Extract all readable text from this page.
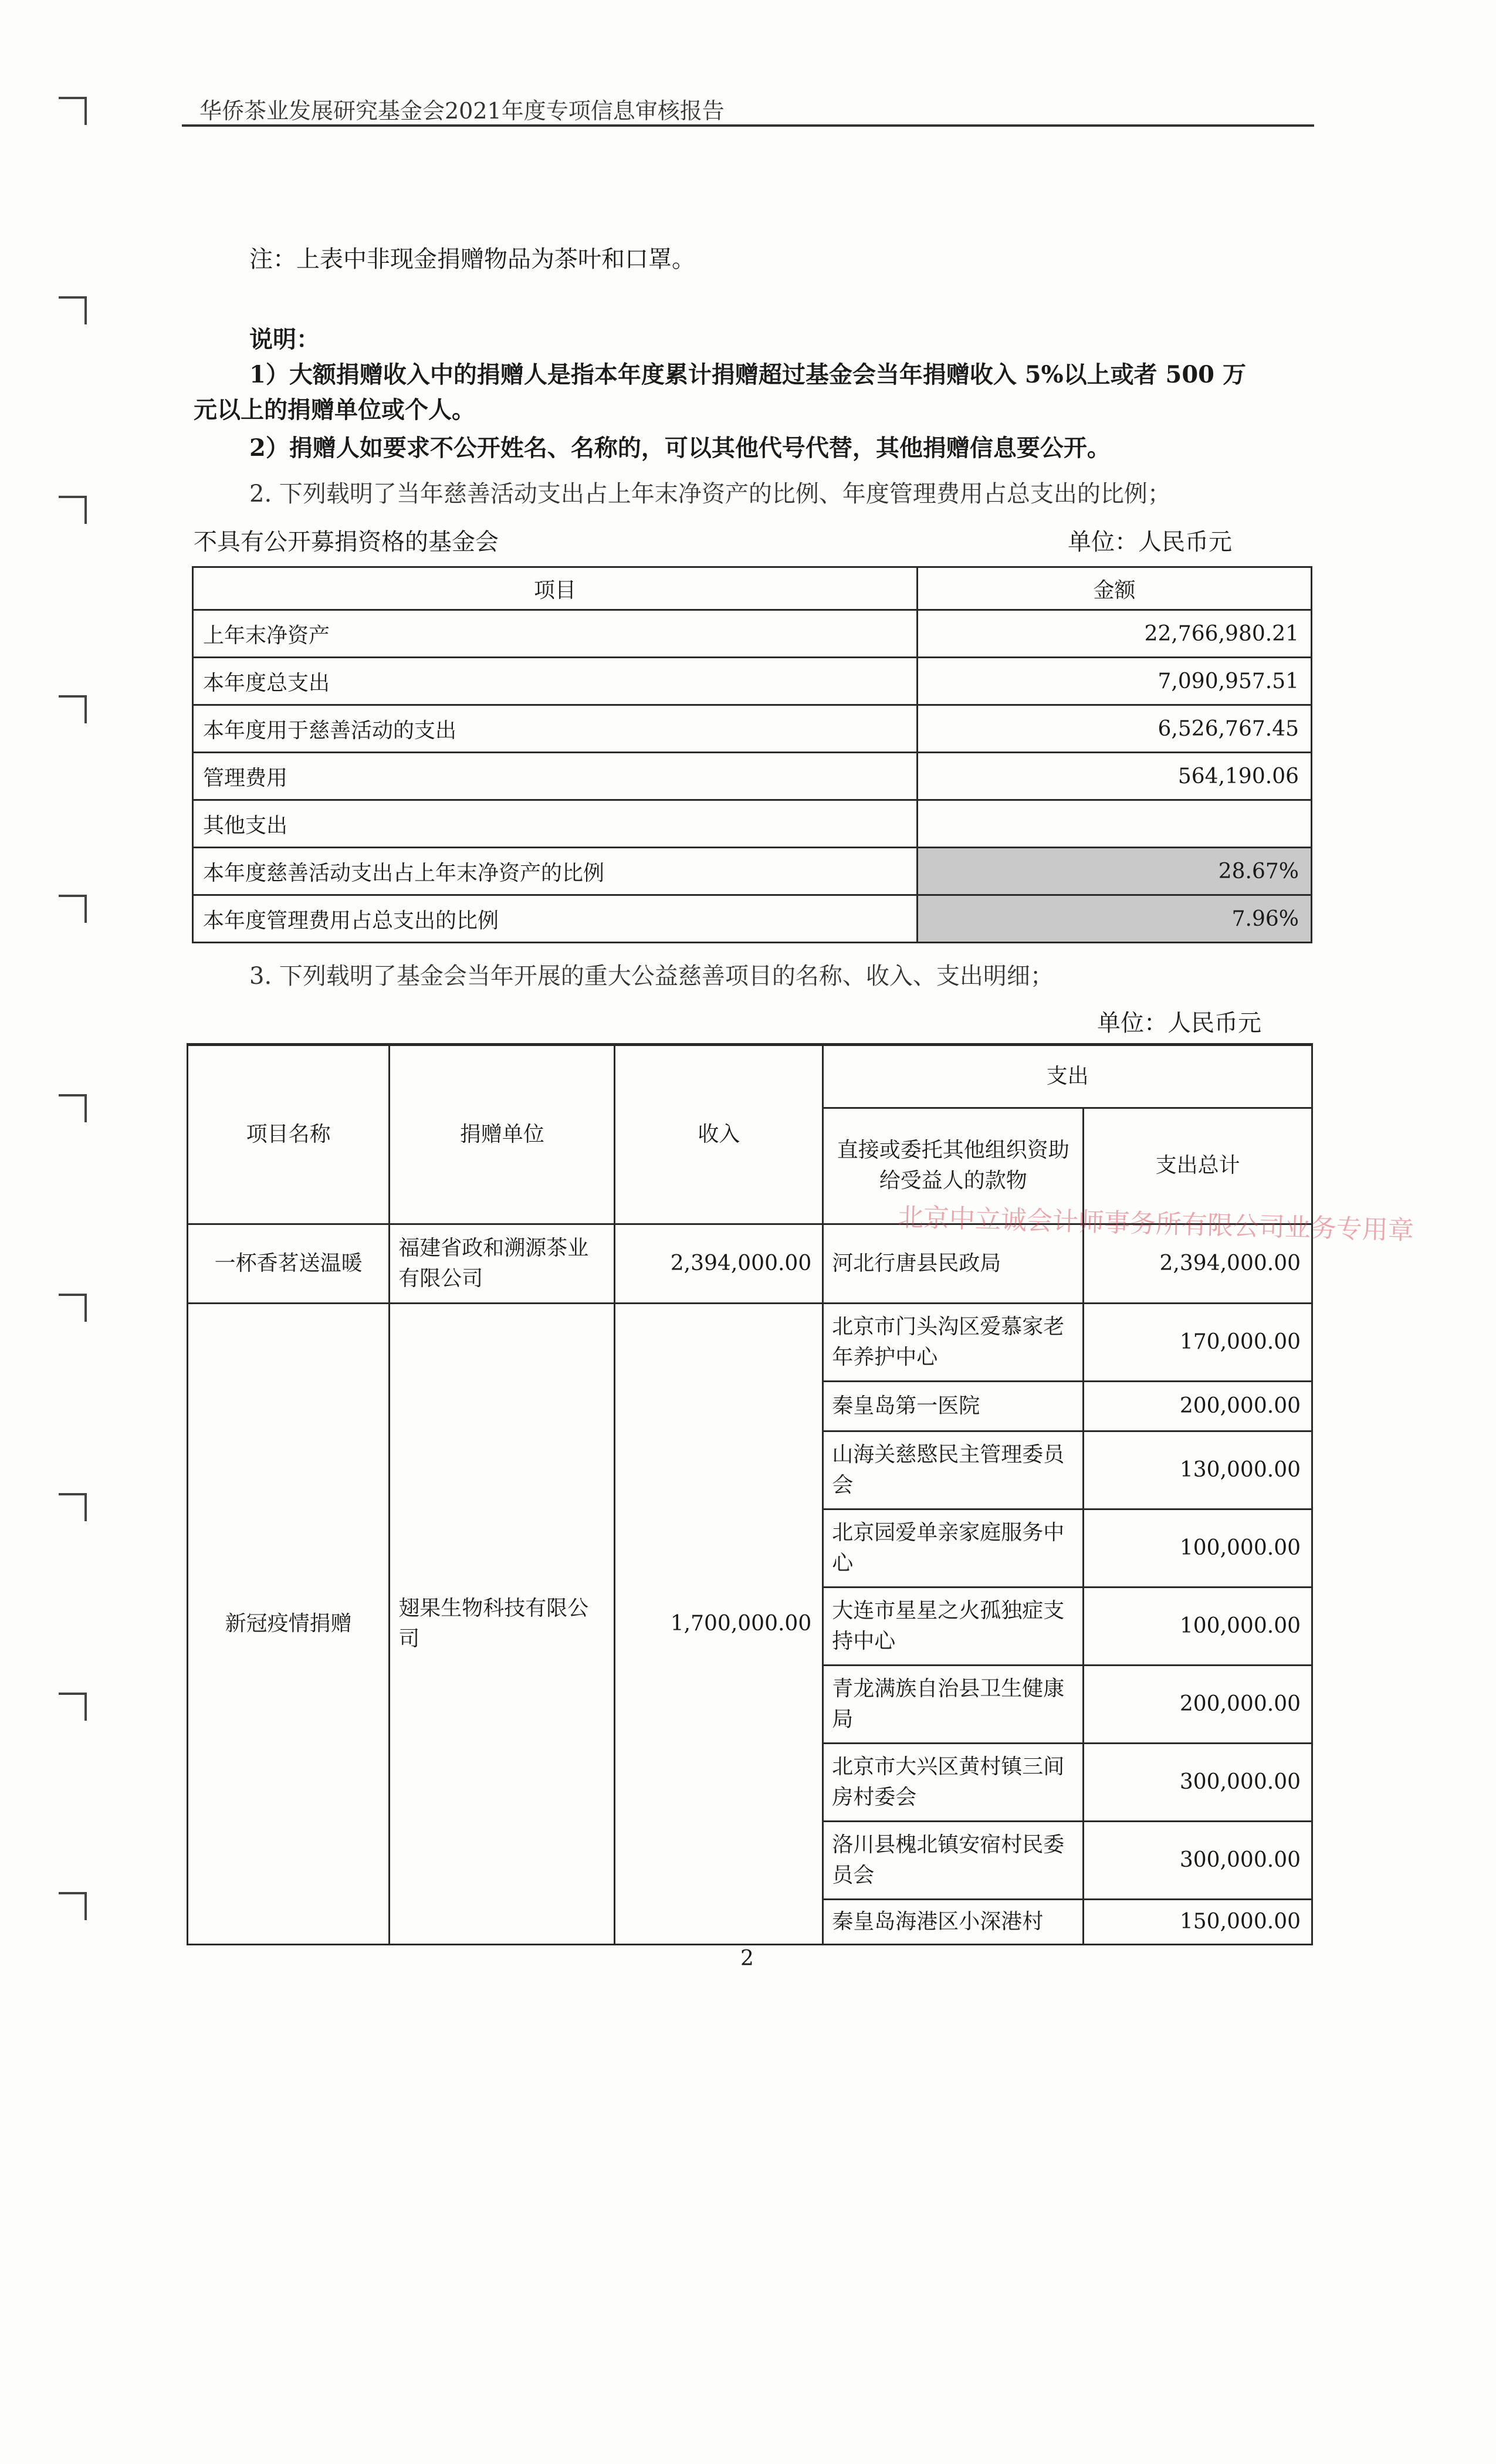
华侨茶业发展研究基金会2021年度专项信息审核报告
注：上表中非现金捐赠物品为茶叶和口罩。
说明：
1）大额捐赠收入中的捐赠人是指本年度累计捐赠超过基金会当年捐赠收入 5%以上或者 500 万
元以上的捐赠单位或个人。
2）捐赠人如要求不公开姓名、名称的，可以其他代号代替，其他捐赠信息要公开。
2. 下列载明了当年慈善活动支出占上年末净资产的比例、年度管理费用占总支出的比例；
不具有公开募捐资格的基金会	单位：人民币元
项目	金额
上年末净资产	22,766,980.21
本年度总支出	7,090,957.51
本年度用于慈善活动的支出	6,526,767.45
管理费用	564,190.06
其他支出	
本年度慈善活动支出占上年末净资产的比例	28.67%
本年度管理费用占总支出的比例	7.96%
3. 下列载明了基金会当年开展的重大公益慈善项目的名称、收入、支出明细；
单位：人民币元
项目名称	捐赠单位	收入	支出	
			直接或委托其他组织资助给受益人的款物	支出总计
一杯香茗送温暖	福建省政和溯源茶业有限公司	2,394,000.00	河北行唐县民政局	2,394,000.00
新冠疫情捐赠	翅果生物科技有限公司	1,700,000.00	北京市门头沟区爱慕家老年养护中心	170,000.00
			秦皇岛第一医院	200,000.00
			山海关慈愍民主管理委员会	130,000.00
			北京园爱单亲家庭服务中心	100,000.00
			大连市星星之火孤独症支持中心	100,000.00
			青龙满族自治县卫生健康局	200,000.00
			北京市大兴区黄村镇三间房村委会	300,000.00
			洛川县槐北镇安宿村民委员会	300,000.00
			秦皇岛海港区小深港村	150,000.00
北京中立诚会计师事务所有限公司业务专用章
2
